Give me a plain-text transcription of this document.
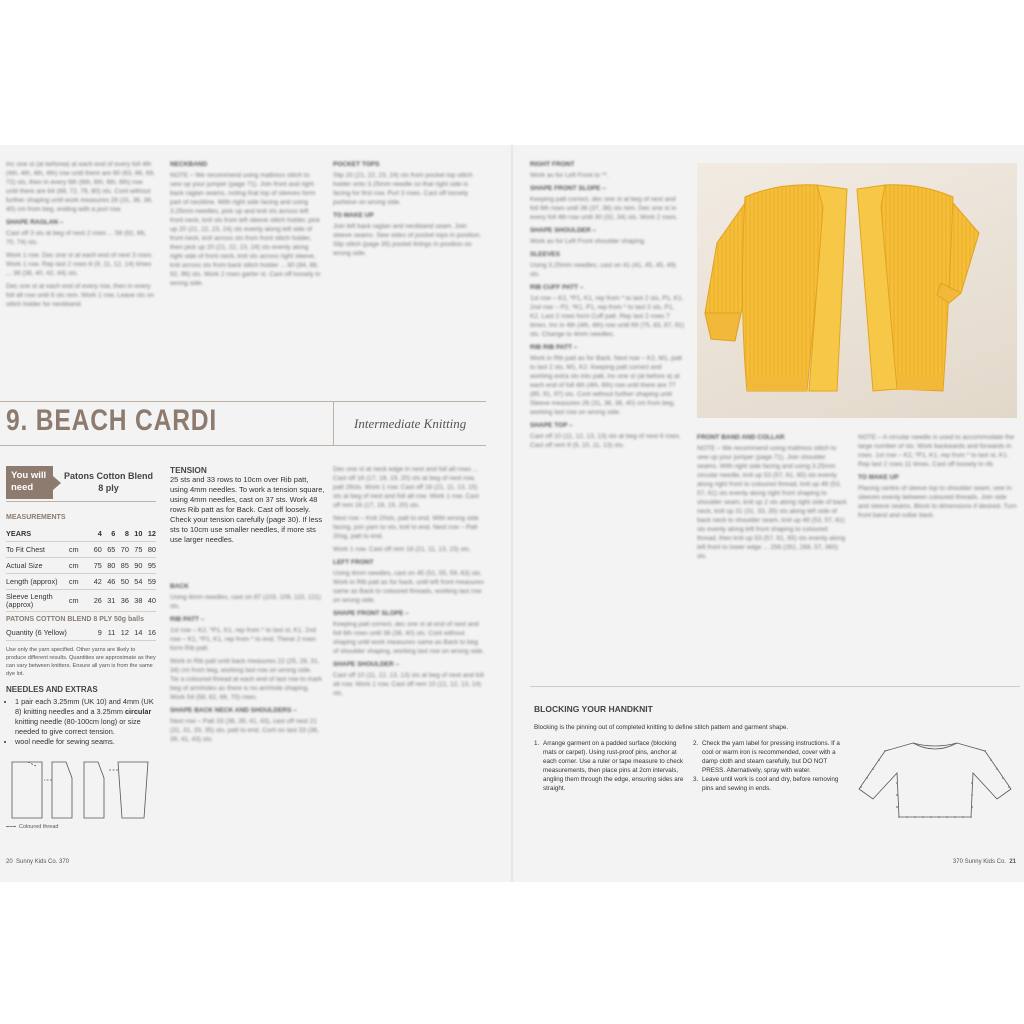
Inc one st (at beforea) at each end of every foll 4th (4th, 4th, 4th, 4th) row until there are 60 (63, 66, 69, 72) sts, then in every 6th (6th, 6th, 6th, 6th) row until there are 64 (68, 72, 76, 80) sts. Cont without further shaping until work measures 26 (31, 36, 38, 40) cm from beg, ending with a purl row.

SHAPE RAGLAN –

Cast off 3 sts at beg of next 2 rows ... 58 (62, 66, 70, 74) sts.

Work 1 row. Dec one st at each end of next 3 rows. Work 1 row. Rep last 2 rows 8 (9, 11, 12, 14) times ... 36 (38, 40, 42, 44) sts.

Dec one st at each end of every row, then in every foll alt row until 8 sts rem. Work 1 row. Leave sts on stitch holder for neckband.

NECKBAND

NOTE – We recommend using mattress stitch to sew up your jumper (page 71). Join front and right back raglan seams, noting that top of sleeves form part of neckline. With right side facing and using 3.25mm needles, pick up and knit sts across left front neck, knit sts from left sleeve stitch holder, pick up 20 (21, 22, 23, 24) sts evenly along left side of front neck, knit across sts from front stitch holder, then pick up 20 (21, 22, 23, 24) sts evenly along right side of front neck, knit sts across right sleeve, knit across sts from back stitch holder ... 80 (84, 88, 92, 96) sts. Work 2 rows garter st. Cast off loosely in wrong side.

POCKET TOPS

Slip 20 (21, 22, 23, 24) sts from pocket top stitch holder onto 3.25mm needle so that right side is facing for first row. Purl 3 rows. Cast off loosely purlwise on wrong side.

TO MAKE UP

Join left back raglan and neckband seam. Join sleeve seams. Sew sides of pocket tops in position. Slip stitch (page 35) pocket linings in position on wrong side.

Dec one st at neck edge in next and foll alt rows ... Cast off 16 (17, 18, 19, 20) sts at beg of next row, patt 26sts. Work 1 row. Cast off 18 (21, 11, 13, 15) sts at beg of next and foll alt row. Work 1 row. Cast off rem 16 (17, 18, 19, 20) sts.

Next row – Knit 20sts, patt to end. With wrong side facing, join yarn to sts, knit to end. Next row – Patt 20sg, patt to end.

Work 1 row. Cast off rem 18 (21, 11, 13, 15) sts.

LEFT FRONT

Using 4mm needles, cast on 45 (51, 55, 59, 63) sts. Work in Rib patt as for back, until left front measures same as Back to coloured threads, working last row on wrong side.

SHAPE FRONT SLOPE –

Keeping patt correct, dec one st at end of next and foll 6th rows until 36 (38, 40) sts. Cont without shaping until work measures same as Back to beg of shoulder shaping, working last row on wrong side.

SHAPE SHOULDER –

Cast off 10 (11, 12, 13, 13) sts at beg of next and foll alt row. Work 1 row. Cast off rem 10 (11, 12, 13, 14) sts.

BACK

Using 4mm needles, cast on 87 (103, 109, 115, 121) sts.

RIB PATT –

1st row – K2, *P1, K1, rep from * to last st, K1. 2nd row – K1, *P1, K1, rep from * to end. These 2 rows form Rib patt.

Work in Rib patt until back measures 22 (25, 28, 31, 34) cm from beg, working last row on wrong side. Tie a coloured thread at each end of last row to mark beg of armholes as there is no armhole shaping. Work 54 (58, 62, 66, 70) rows.

SHAPE BACK NECK AND SHOULDERS –

Next row – Patt 33 (36, 39, 41, 43), cast off next 21 (31, 31, 33, 35) sts, patt to end. Cont on last 33 (36, 39, 41, 43) sts.

RIGHT FRONT

Work as for Left Front to **.

SHAPE FRONT SLOPE –

Keeping patt correct, dec one st at beg of next and foll 6th rows until 36 (37, 38) sts rem. Dec one st in every foll 4th row until 30 (32, 34) sts. Work 2 rows.

SHAPE SHOULDER –

Work as for Left Front shoulder shaping.

SLEEVES

Using 3.25mm needles, cast on 41 (41, 45, 45, 49) sts.

RIB CUFF PATT –

1st row – K2, *P1, K1, rep from * to last 2 sts, P1, K1. 2nd row – P2, *K1, P1, rep from * to last 3 sts, P1, K2. Last 2 rows form Cuff patt. Rep last 2 rows 7 times. Inc in 4th (4th, 4th) row until 69 (75, 83, 87, 91) sts. Change to 4mm needles.

RIB RIB PATT –

Work in Rib patt as for Back. Next row – K2, M1, patt to last 2 sts, M1, K2. Keeping patt correct and working extra sts into patt, inc one st (at before a) at each end of foll 4th (4th, 6th) row until there are 77 (85, 91, 97) sts. Cont without further shaping until Sleeve measures 26 (31, 36, 38, 40) cm from beg, working last row on wrong side.

SHAPE TOP –

Cast off 10 (11, 12, 13, 13) sts at beg of next 6 rows. Cast off rem 9 (9, 10, 11, 13) sts.

FRONT BAND AND COLLAR

NOTE – We recommend using mattress stitch to sew up your jumper (page 71). Join shoulder seams. With right side facing and using 3.25mm circular needle, knit up 53 (57, 61, 65) sts evenly along right front to coloured thread, knit up 49 (53, 57, 61) sts evenly along right front shaping to shoulder seam, knit up 2 sts along right side of back neck, knit up 31 (31, 33, 35) sts along left side of back neck to shoulder seam, knit up 49 (53, 57, 61) sts evenly along left front shaping to coloured thread, then knit up 53 (57, 61, 65) sts evenly along left front to lower edge ... 256 (261, 268, 57, 360) sts.

NOTE – A circular needle is used to accommodate the large number of sts. Work backwards and forwards in rows. 1st row – K2, *P1, K1, rep from * to last st, K1. Rep last 2 rows 11 times. Cast off loosely in rib.

TO MAKE UP

Placing centre of sleeve top to shoulder seam, sew in sleeves evenly between coloured threads. Join side and sleeve seams. Block to dimensions if desired. Turn front band and collar back.

9. BEACH CARDI	Intermediate Knitting
You will need
Patons Cotton Blend 8 ply
MEASUREMENTS
YEARS		4	6	8	10	12
To Fit Chest	cm	60	65	70	75	80
Actual Size	cm	75	80	85	90	95
Length (approx)	cm	42	46	50	54	59
Sleeve Length (approx)	cm	26	31	36	38	40
PATONS COTTON BLEND 8 PLY 50g balls
Quantity (6 Yellow)	9	11	12	14	16
Use only the yarn specified. Other yarns are likely to produce different results. Quantities are approximate as they can vary between knitters. Ensure all yarn is from the same dye lot.
NEEDLES AND EXTRAS
• 1 pair each 3.25mm (UK 10) and 4mm (UK 8) knitting needles and a 3.25mm circular knitting needle (80-100cm long) or size needed to give correct tension.
• wool needle for sewing seams.
Coloured thread
TENSION
25 sts and 33 rows to 10cm over Rib patt, using 4mm needles. To work a tension square, using 4mm needles, cast on 37 sts. Work 48 rows Rib patt as for Back. Cast off loosely. Check your tension carefully (page 30). If less sts to 10cm use smaller needles, if more sts use larger needles.
BLOCKING YOUR HANDKNIT
Blocking is the pinning out of completed knitting to define stitch pattern and garment shape.
1. Arrange garment on a padded surface (blocking mats or carpet). Using rust-proof pins, anchor at each corner. Use a ruler or tape measure to check measurements, then place pins at 2cm intervals, angling them through the edge, ensuring sides are straight.
2. Check the yarn label for pressing instructions. If a cool or warm iron is recommended, cover with a damp cloth and steam carefully, but DO NOT PRESS. Alternatively, spray with water.
3. Leave until work is cool and dry, before removing pins and sewing in ends.
20 Sunny Kids Co. 370	370 Sunny Kids Co. 21
